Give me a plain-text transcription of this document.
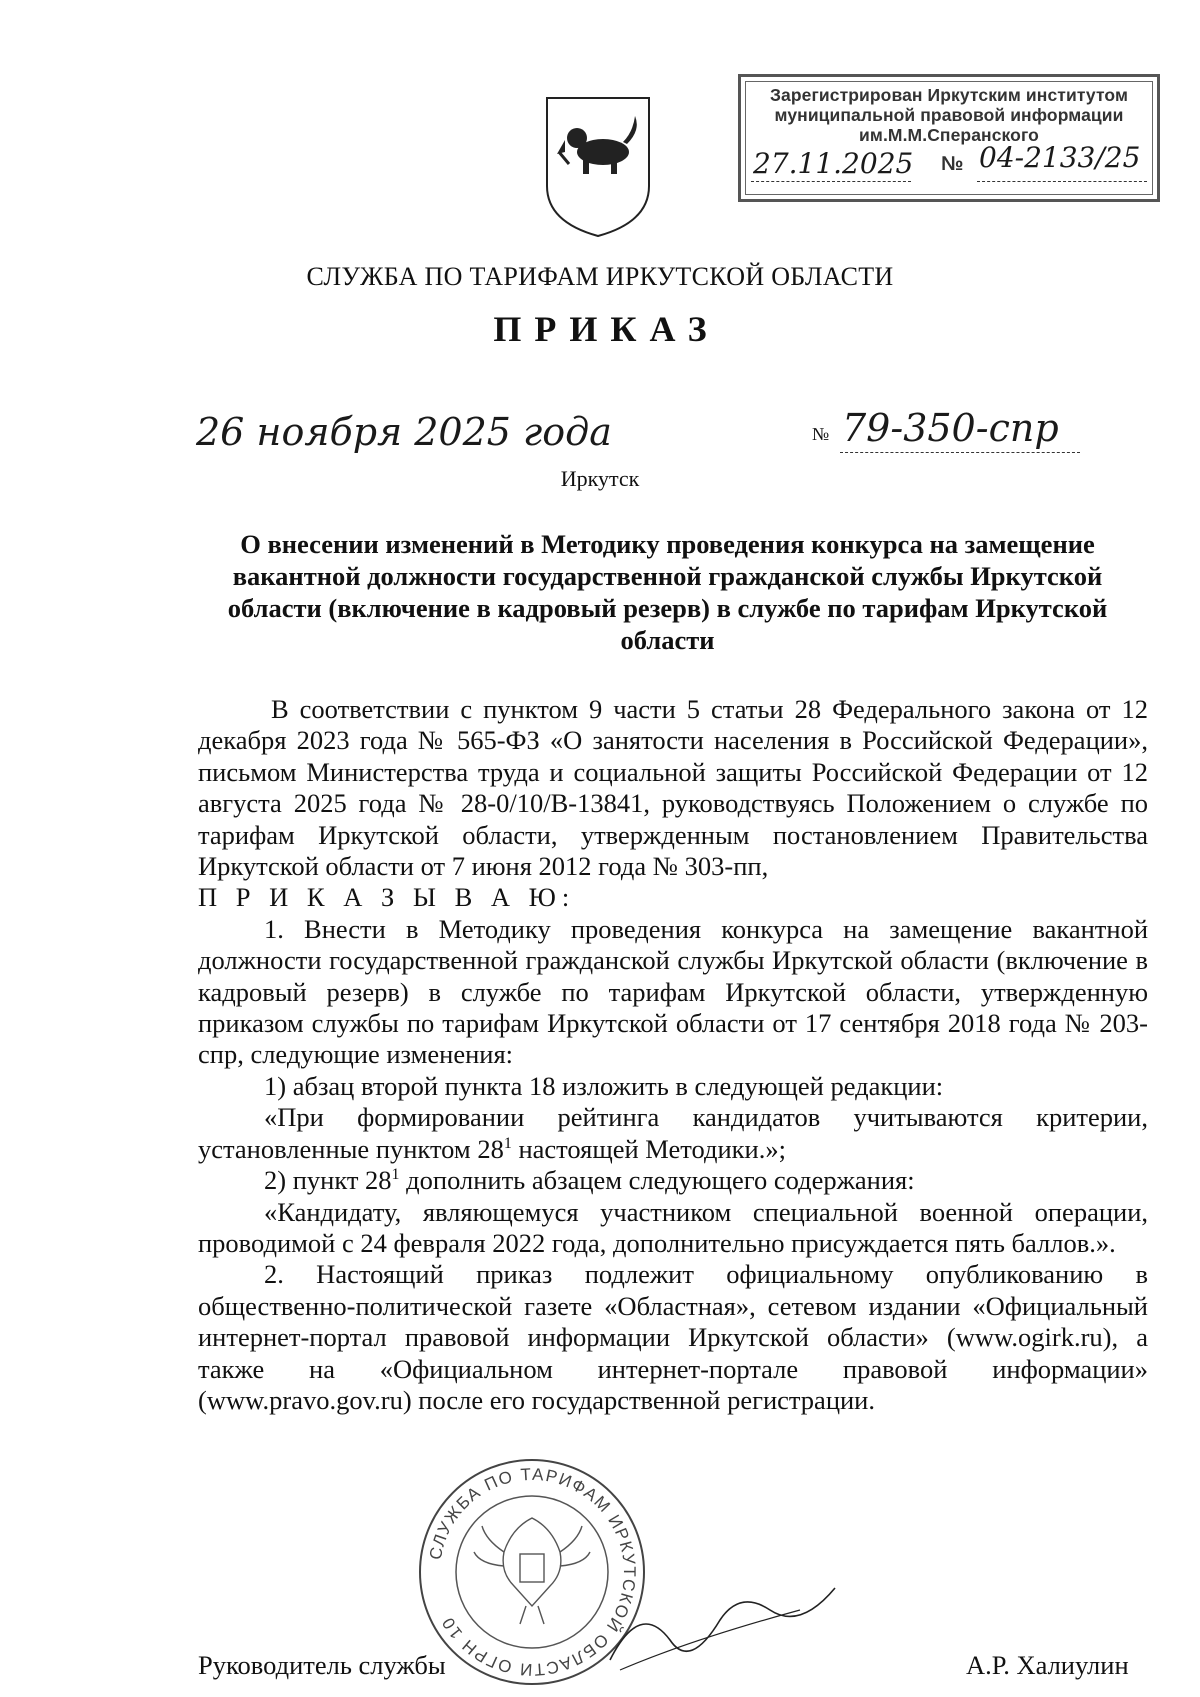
Зарегистрирован Иркутским институтом
муниципальной правовой информации
им.М.М.Сперанского
27.11.2025 № 04-2133/25
СЛУЖБА ПО ТАРИФАМ ИРКУТСКОЙ ОБЛАСТИ
ПРИКАЗ
26 ноября 2025 года	№ 79-350-спр
Иркутск
О внесении изменений в Методику проведения конкурса на замещение вакантной должности государственной гражданской службы Иркутской области (включение в кадровый резерв) в службе по тарифам Иркутской области

В соответствии с пунктом 9 части 5 статьи 28 Федерального закона от 12 декабря 2023 года № 565-ФЗ «О занятости населения в Российской Федерации», письмом Министерства труда и социальной защиты Российской Федерации от 12 августа 2025 года № 28-0/10/В-13841, руководствуясь Положением о службе по тарифам Иркутской области, утвержденным постановлением Правительства Иркутской области от 7 июня 2012 года № 303-пп,

П Р И К А З Ы В А Ю:

1. Внести в Методику проведения конкурса на замещение вакантной должности государственной гражданской службы Иркутской области (включение в кадровый резерв) в службе по тарифам Иркутской области, утвержденную приказом службы по тарифам Иркутской области от 17 сентября 2018 года № 203-спр, следующие изменения:

1) абзац второй пункта 18 изложить в следующей редакции:

«При формировании рейтинга кандидатов учитываются критерии, установленные пунктом $28^1$ настоящей Методики.»;

2) пункт $28^1$ дополнить абзацем следующего содержания:

«Кандидату, являющемуся участником специальной военной операции, проводимой с 24 февраля 2022 года, дополнительно присуждается пять баллов.».

2. Настоящий приказ подлежит официальному опубликованию в общественно-политической газете «Областная», сетевом издании «Официальный интернет-портал правовой информации Иркутской области» (www.ogirk.ru), а также на «Официальном интернет-портале правовой информации» (www.pravo.gov.ru) после его государственной регистрации.

СЛУЖБА ПО ТАРИФАМ ИРКУТСКОЙ ОБЛАСТИ ОГРН 10
Руководитель службы	А.Р. Халиулин
